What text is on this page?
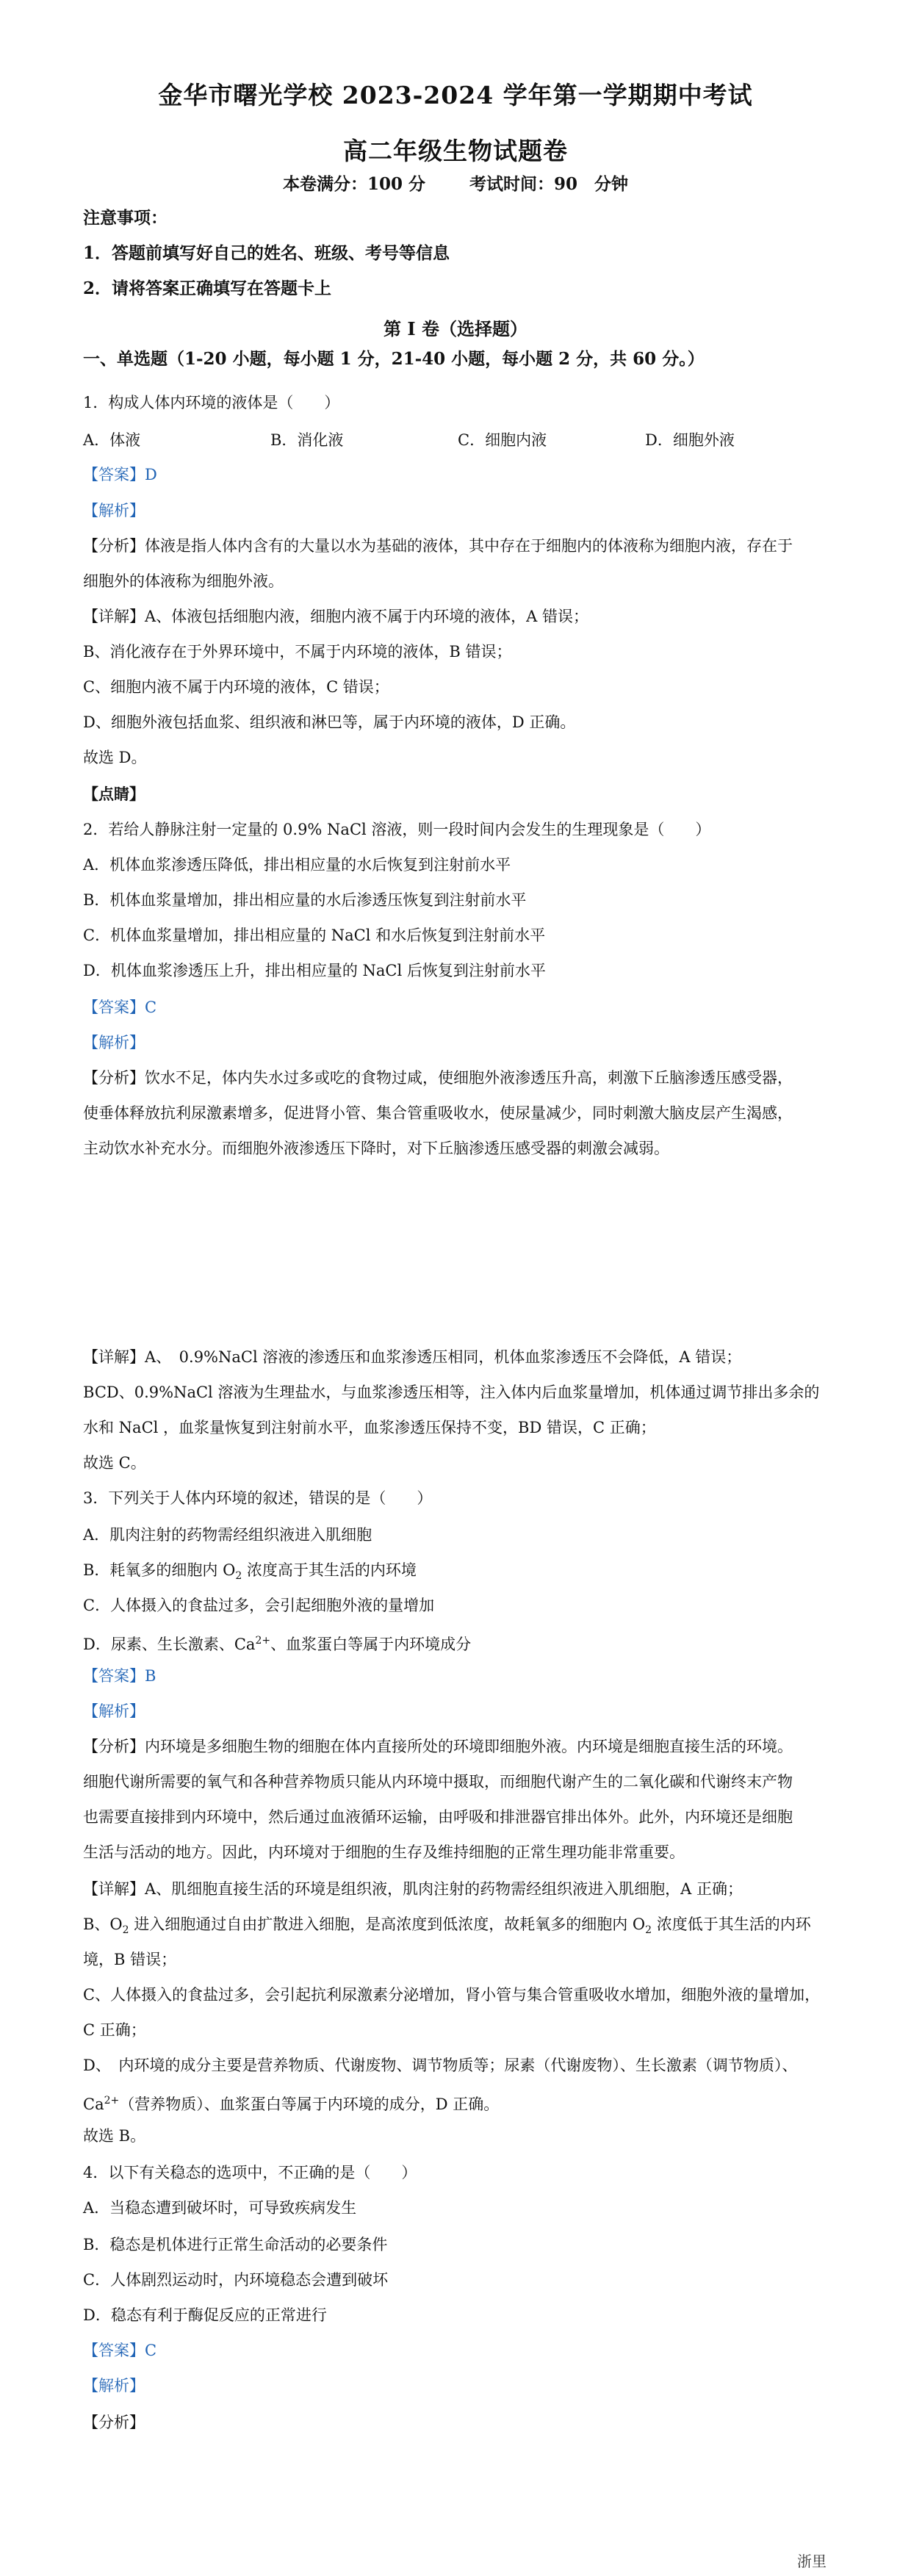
金华市曙光学校 2023-2024 学年第一学期期中考试
高二年级生物试题卷
本卷满分：100 分	考试时间：90　分钟
注意事项：
1．答题前填写好自己的姓名、班级、考号等信息
2．请将答案正确填写在答题卡上
第 I 卷（选择题）
一、单选题（1-20 小题，每小题 1 分，21-40 小题，每小题 2 分，共 60 分。）
1．构成人体内环境的液体是（　　）
A．体液	B．消化液	C．细胞内液	D．细胞外液
【答案】D
【解析】
【分析】体液是指人体内含有的大量以水为基础的液体，其中存在于细胞内的体液称为细胞内液，存在于
细胞外的体液称为细胞外液。
【详解】A、体液包括细胞内液，细胞内液不属于内环境的液体，A 错误；
B、消化液存在于外界环境中，不属于内环境的液体，B 错误；
C、细胞内液不属于内环境的液体，C 错误；
D、细胞外液包括血浆、组织液和淋巴等，属于内环境的液体，D 正确。
故选 D。
【点睛】
2．若给人静脉注射一定量的 0.9% NaCl 溶液，则一段时间内会发生的生理现象是（　　）
A．机体血浆渗透压降低，排出相应量的水后恢复到注射前水平
B．机体血浆量增加，排出相应量的水后渗透压恢复到注射前水平
C．机体血浆量增加，排出相应量的 NaCl 和水后恢复到注射前水平
D．机体血浆渗透压上升，排出相应量的 NaCl 后恢复到注射前水平
【答案】C
【解析】
【分析】饮水不足，体内失水过多或吃的食物过咸，使细胞外液渗透压升高，刺激下丘脑渗透压感受器，
使垂体释放抗利尿激素增多，促进肾小管、集合管重吸收水，使尿量减少，同时刺激大脑皮层产生渴感，
主动饮水补充水分。而细胞外液渗透压下降时，对下丘脑渗透压感受器的刺激会减弱。
【详解】A、　0.9%NaCl 溶液的渗透压和血浆渗透压相同，机体血浆渗透压不会降低，A 错误；
BCD、0.9%NaCl 溶液为生理盐水，与血浆渗透压相等，注入体内后血浆量增加，机体通过调节排出多余的
水和 NaCl ，血浆量恢复到注射前水平，血浆渗透压保持不变，BD 错误，C 正确；
故选 C。
3．下列关于人体内环境的叙述，错误的是（　　）
A．肌肉注射的药物需经组织液进入肌细胞
B．耗氧多的细胞内 $O_2$ 浓度高于其生活的内环境
C．人体摄入的食盐过多，会引起细胞外液的量增加
D．尿素、生长激素、$Ca^{2+}$、血浆蛋白等属于内环境成分
【答案】B
【解析】
【分析】内环境是多细胞生物的细胞在体内直接所处的环境即细胞外液。内环境是细胞直接生活的环境。
细胞代谢所需要的氧气和各种营养物质只能从内环境中摄取，而细胞代谢产生的二氧化碳和代谢终末产物
也需要直接排到内环境中，然后通过血液循环运输，由呼吸和排泄器官排出体外。此外，内环境还是细胞
生活与活动的地方。因此，内环境对于细胞的生存及维持细胞的正常生理功能非常重要。
【详解】A、肌细胞直接生活的环境是组织液，肌肉注射的药物需经组织液进入肌细胞，A 正确；
B、$O_2$ 进入细胞通过自由扩散进入细胞，是高浓度到低浓度，故耗氧多的细胞内 $O_2$ 浓度低于其生活的内环
境，B 错误；
C、人体摄入的食盐过多，会引起抗利尿激素分泌增加，肾小管与集合管重吸收水增加，细胞外液的量增加，
C 正确；
D、　内环境的成分主要是营养物质、代谢废物、调节物质等；尿素（代谢废物）、生长激素（调节物质）、
$Ca^{2+}$（营养物质）、血浆蛋白等属于内环境的成分，D 正确。
故选 B。
4．以下有关稳态的选项中，不正确的是（　　）
A．当稳态遭到破坏时，可导致疾病发生
B．稳态是机体进行正常生命活动的必要条件
C．人体剧烈运动时，内环境稳态会遭到破坏
D．稳态有利于酶促反应的正常进行
【答案】C
【解析】
【分析】
浙里
